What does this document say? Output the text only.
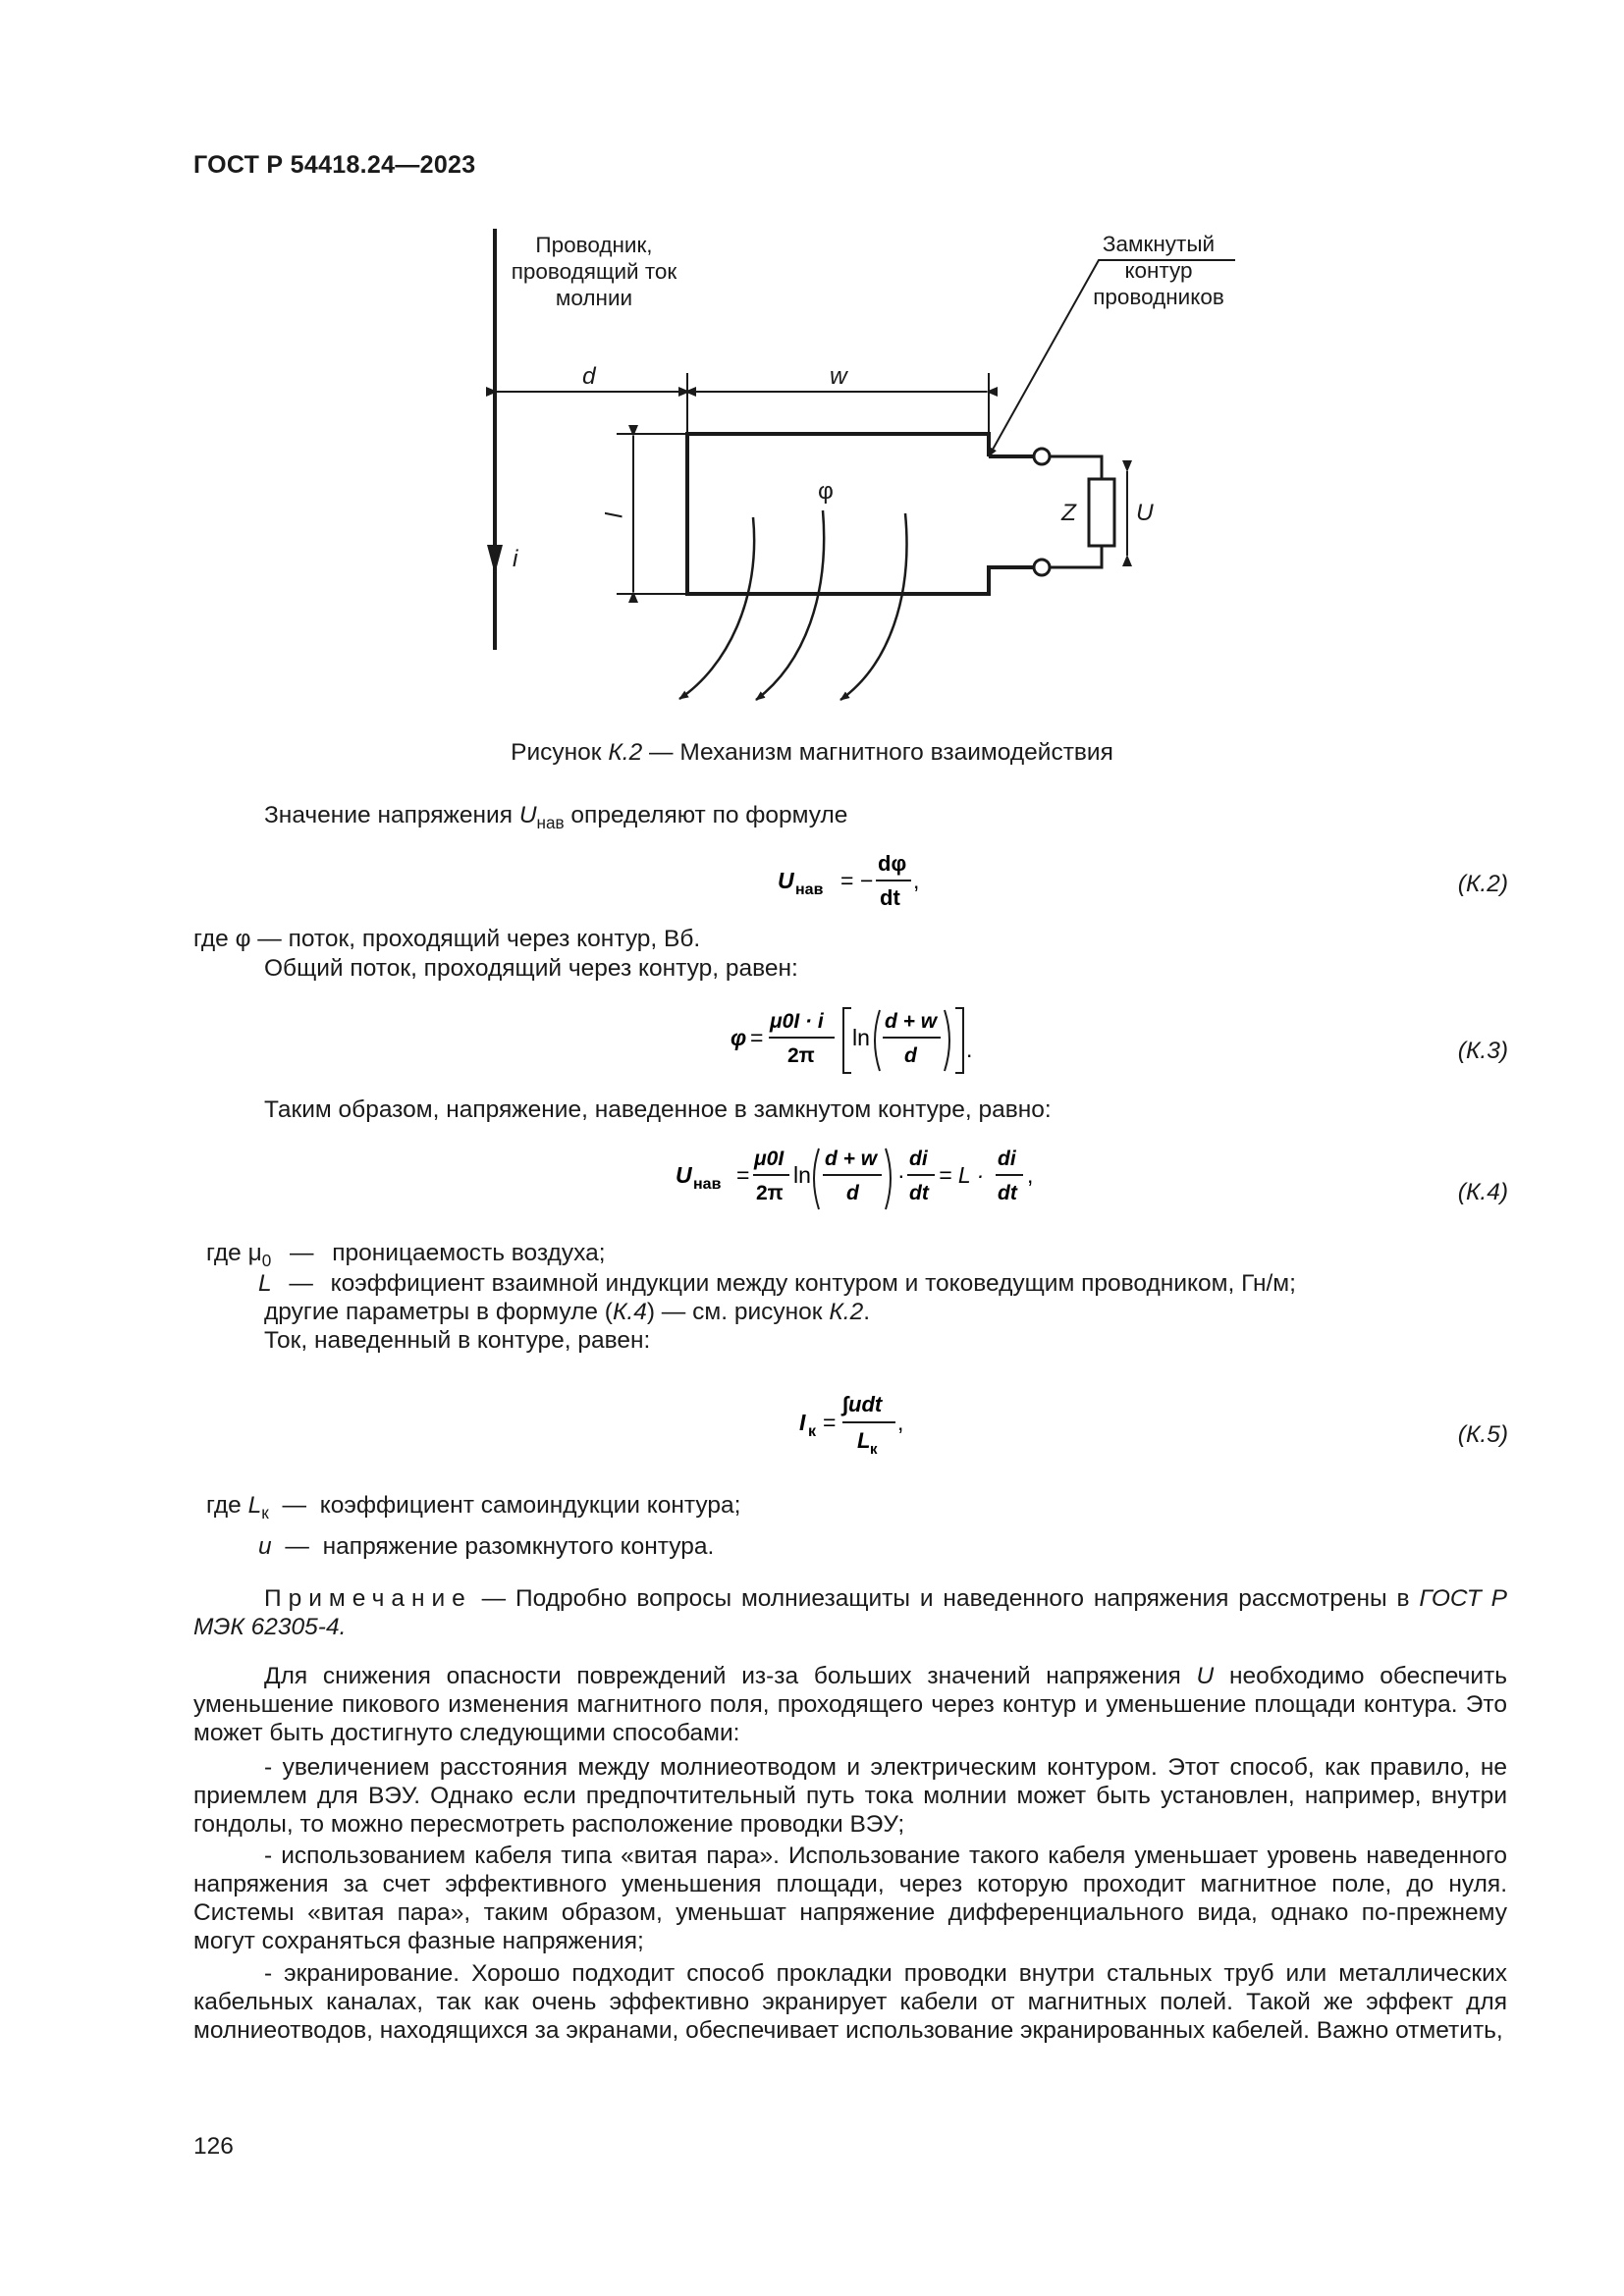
ГОСТ Р 54418.24—2023
Проводник,
проводящий ток
молнии
Замкнутый
контур
проводников
d	w
l
φ
i
Z U
Рисунок К.2 — Механизм магнитного взаимодействия
Значение напряжения $U_{нав}$ определяют по формуле
U нав = −
dφ
dt
,	(К.2)
где φ — поток, проходящий через контур, Вб.
Общий поток, проходящий через контур, равен:
φ =
μ0I · i
2π
ln
d + w
d .	(К.3)
Таким образом, напряжение, наведенное в замкнутом контуре, равно:
U нав =
μ0I
2π
ln
d + w
d
·
di
dt
= L ·
di
dt
,
(К.4)
где $\mu_0$ — проницаемость воздуха;
L — коэффициент взаимной индукции между контуром и токоведущим проводником, Гн/м;
другие параметры в формуле (К.4) — см. рисунок К.2.
Ток, наведенный в контуре, равен:
I к =
∫udt
L к
,	(К.5)
где $L_к$ — коэффициент самоиндукции контура;
u — напряжение разомкнутого контура.
Примечание — Подробно вопросы молниезащиты и наведенного напряжения рассмотрены в ГОСТ Р МЭК 62305-4.
Для снижения опасности повреждений из-за больших значений напряжения U необходимо обеспечить уменьшение пикового изменения магнитного поля, проходящего через контур и уменьшение площади контура. Это может быть достигнуто следующими способами:
- увеличением расстояния между молниеотводом и электрическим контуром. Этот способ, как правило, не приемлем для ВЭУ. Однако если предпочтительный путь тока молнии может быть установлен, например, внутри гондолы, то можно пересмотреть расположение проводки ВЭУ;
- использованием кабеля типа «витая пара». Использование такого кабеля уменьшает уровень наведенного напряжения за счет эффективного уменьшения площади, через которую проходит магнитное поле, до нуля. Системы «витая пара», таким образом, уменьшат напряжение дифференциального вида, однако по-прежнему могут сохраняться фазные напряжения;
- экранирование. Хорошо подходит способ прокладки проводки внутри стальных труб или металлических кабельных каналах, так как очень эффективно экранирует кабели от магнитных полей. Такой же эффект для молниеотводов, находящихся за экранами, обеспечивает использование экранированных кабелей. Важно отметить,
126
